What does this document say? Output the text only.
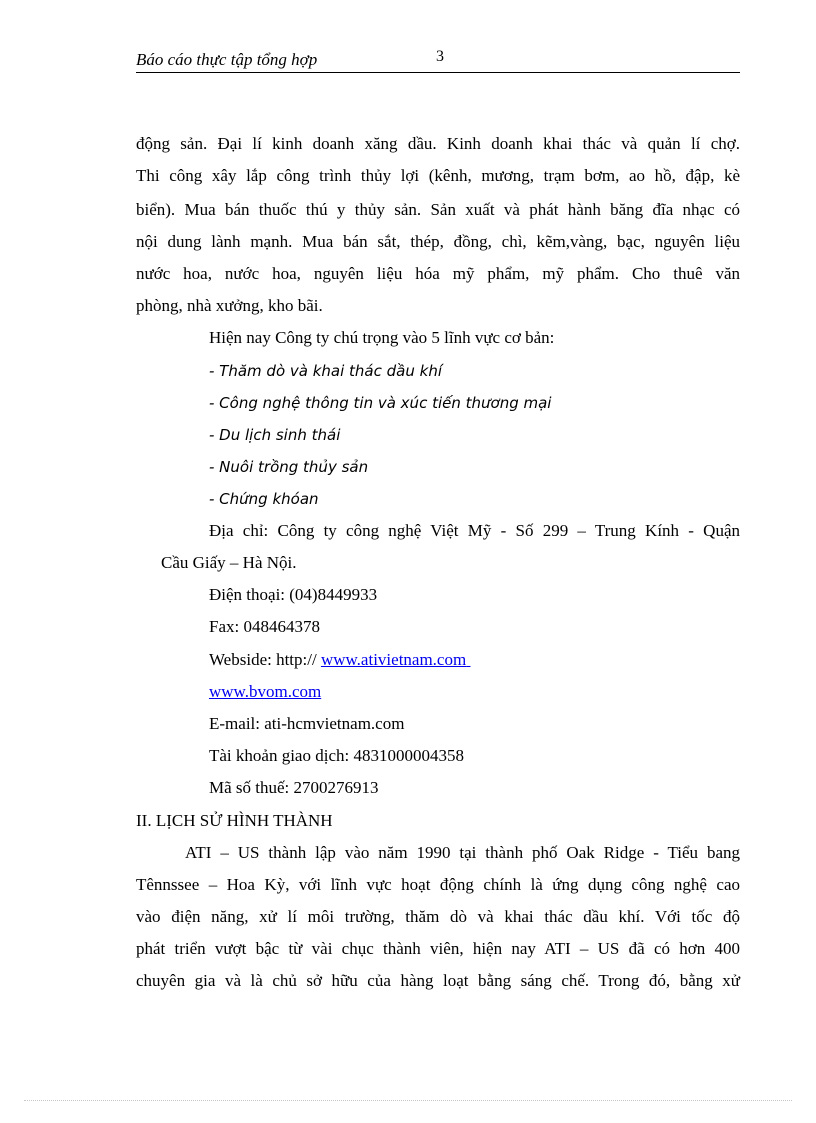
Báo cáo thực tập tổng hợp	3
động sản. Đại lí kinh doanh xăng dầu. Kinh doanh khai thác và quản lí chợ.
Thi công xây lắp công trình thủy lợi (kênh, mương, trạm bơm, ao hồ, đập, kè
biển). Mua bán thuốc thú y thủy sản. Sản xuất và phát hành băng đĩa nhạc có
nội dung lành mạnh. Mua bán sắt, thép, đồng, chì, kẽm,vàng, bạc, nguyên liệu
nước hoa, nước hoa, nguyên liệu hóa mỹ phẩm, mỹ phẩm. Cho thuê văn
phòng, nhà xưởng, kho bãi.
Hiện nay Công ty chú trọng vào 5 lĩnh vực cơ bản:
- Thăm dò và khai thác dầu khí
- Công nghệ thông tin và xúc tiến thương mại
- Du lịch sinh thái
- Nuôi trồng thủy sản
- Chứng khóan
Địa chỉ: Công ty công nghệ Việt Mỹ - Số 299 – Trung Kính - Quận
Cầu Giấy – Hà Nội.
Điện thoại: (04)8449933
Fax: 048464378
Webside: http:// www.ativietnam.com
www.bvom.com
E-mail: ati-hcmvietnam.com
Tài khoản giao dịch: 4831000004358
Mã số thuế: 2700276913
II. LỊCH SỬ HÌNH THÀNH
ATI – US thành lập vào năm 1990 tại thành phố Oak Ridge - Tiểu bang
Tênnssee – Hoa Kỳ, với lĩnh vực hoạt động chính là ứng dụng công nghệ cao
vào điện năng, xử lí môi trường, thăm dò và khai thác dầu khí. Với tốc độ
phát triển vượt bậc từ vài chục thành viên, hiện nay ATI – US đã có hơn 400
chuyên gia và là chủ sở hữu của hàng loạt bằng sáng chế. Trong đó, bằng xử
